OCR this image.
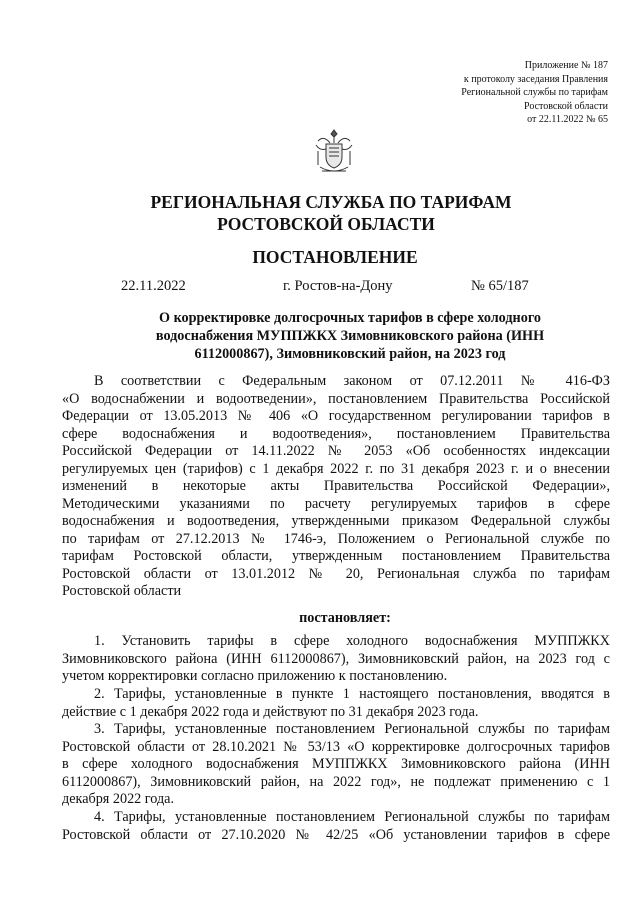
Приложение № 187
к протоколу заседания Правления
Региональной службы по тарифам
Ростовской области
от 22.11.2022 № 65
РЕГИОНАЛЬНАЯ СЛУЖБА ПО ТАРИФАМ
РОСТОВСКОЙ ОБЛАСТИ
ПОСТАНОВЛЕНИЕ
22.11.2022	г. Ростов-на-Дону	№ 65/187
О корректировке долгосрочных тарифов в сфере холодного
водоснабжения МУППЖКХ Зимовниковского района (ИНН
6112000867), Зимовниковский район, на 2023 год
В соответствии с Федеральным законом от 07.12.2011 № 416-ФЗ
«О водоснабжении и водоотведении», постановлением Правительства Российской
Федерации от 13.05.2013 № 406 «О государственном регулировании тарифов в
сфере водоснабжения и водоотведения», постановлением Правительства
Российской Федерации от 14.11.2022 № 2053 «Об особенностях индексации
регулируемых цен (тарифов) с 1 декабря 2022 г. по 31 декабря 2023 г. и о внесении
изменений в некоторые акты Правительства Российской Федерации»,
Методическими указаниями по расчету регулируемых тарифов в сфере
водоснабжения и водоотведения, утвержденными приказом Федеральной службы
по тарифам от 27.12.2013 № 1746-э, Положением о Региональной службе по
тарифам Ростовской области, утвержденным постановлением Правительства
Ростовской области от 13.01.2012 № 20, Региональная служба по тарифам
Ростовской области
постановляет:
1. Установить тарифы в сфере холодного водоснабжения МУППЖКХ
Зимовниковского района (ИНН 6112000867), Зимовниковский район, на 2023 год с
учетом корректировки согласно приложению к постановлению.
2. Тарифы, установленные в пункте 1 настоящего постановления, вводятся в
действие с 1 декабря 2022 года и действуют по 31 декабря 2023 года.
3. Тарифы, установленные постановлением Региональной службы по тарифам
Ростовской области от 28.10.2021 № 53/13 «О корректировке долгосрочных тарифов
в сфере холодного водоснабжения МУППЖКХ Зимовниковского района (ИНН
6112000867), Зимовниковский район, на 2022 год», не подлежат применению с 1
декабря 2022 года.
4. Тарифы, установленные постановлением Региональной службы по тарифам
Ростовской области от 27.10.2020 № 42/25 «Об установлении тарифов в сфере
